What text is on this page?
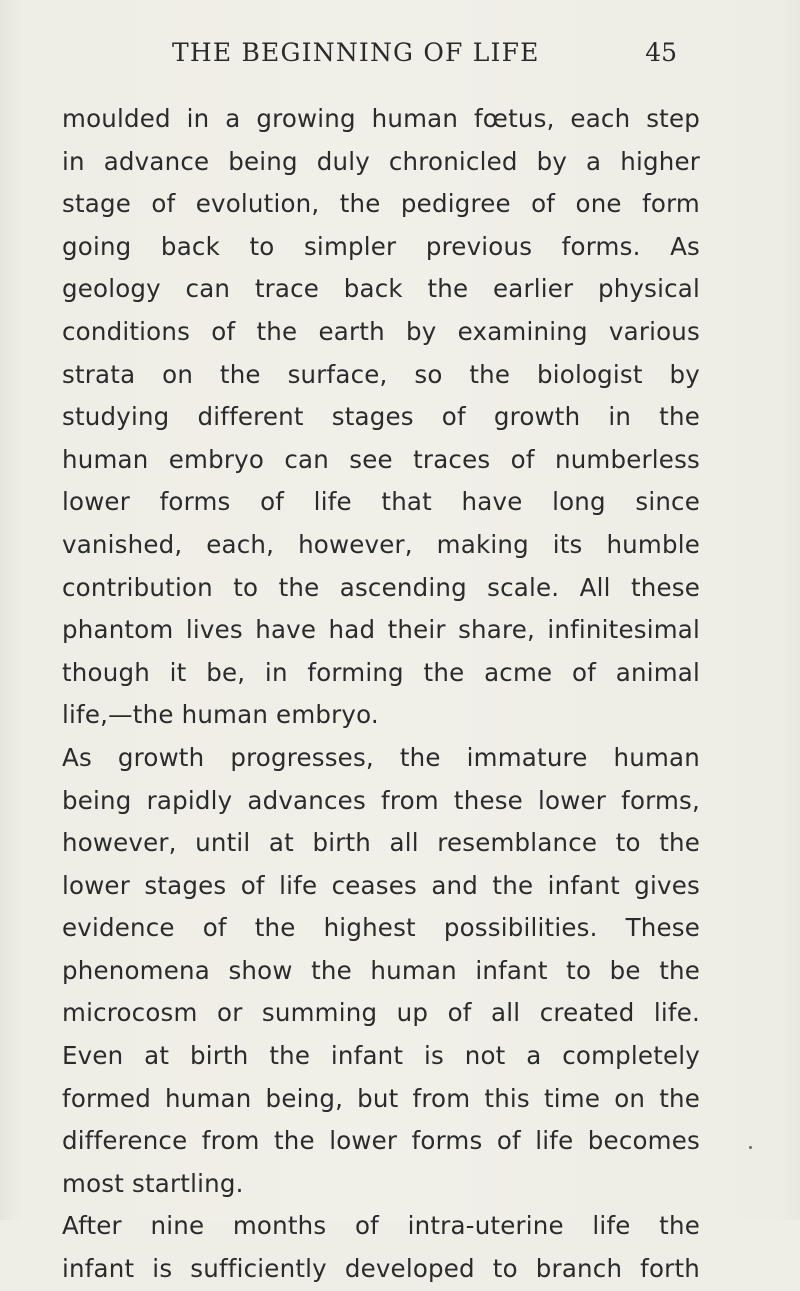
THE BEGINNING OF LIFE	45
moulded in a growing human fœtus, each step
in advance being duly chronicled by a higher
stage of evolution, the pedigree of one form
going back to simpler previous forms. As
geology can trace back the earlier physical
conditions of the earth by examining various
strata on the surface, so the biologist by
studying different stages of growth in the
human embryo can see traces of numberless
lower forms of life that have long since
vanished, each, however, making its humble
contribution to the ascending scale. All these
phantom lives have had their share, infinitesimal
though it be, in forming the acme of animal
life,—the human embryo.
As growth progresses, the immature human
being rapidly advances from these lower forms,
however, until at birth all resemblance to the
lower stages of life ceases and the infant gives
evidence of the highest possibilities. These
phenomena show the human infant to be the
microcosm or summing up of all created life.
Even at birth the infant is not a completely
formed human being, but from this time on the
difference from the lower forms of life becomes
most startling.
After nine months of intra-uterine life the
infant is sufficiently developed to branch forth
